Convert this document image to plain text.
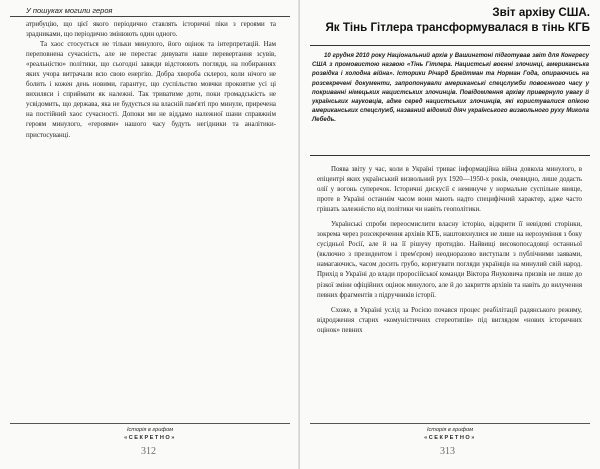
У пошуках могили героя

атрибуцію, що цієї якого періодично ставлять історичні піки з героями та зрадниками, що періодично змінюють один одного.

Та хаос стосується не тільки минулого, його оцінок та інтерпретацій. Нам переповнена сучасність, але не перестає дивувати наше перевертання зсувів, «реальністю» політики, що сьогодні завжди відстоюють погляди, на побираннях яких учора витрачали всю свою енергію. Добра хвороба склероз, коли нічого не болить і кожен день новими, гарантує, що суспільство мовчки проковтне усі ці вихиляси і сприймати як належні. Так триватиме доти, поки громадськість не усвідомить, що держава, яка не будується на власній пам'яті про минуле, приречена на постійний хаос сучасності. Допоки ми не віддамо належної шани справжнім героям минулого, «героями» нашого часу будуть негідники та аналітики-пристосуванці.

Історія в грифом
«СЕКРЕТНО»
312
Звіт архіву США.
Як Тінь Гітлера трансформувалася в тінь КГБ

10 грудня 2010 року Національний архів у Вашингтоні підготував звіт для Конгресу США з промовистою назвою «Тінь Гітлера. Нацистські воєнні злочинці, американська розвідка і холодна війна». Історики Річард Брейтман та Норман Года, опираючись на розсекречені документи, запропонували американські спецслужби повоєнного часу у покриванні німецьких нацистських злочинців. Повідомлення архіву привернуло увагу й українських науковців, адже серед нацистських злочинців, які користувалися опікою американських спецслужб, названий відомий діяч українського визвольного руху Микола Лебедь.

Поява звіту у час, коли в Україні триває інформаційна війна довкола минулого, в епіцентрі яких український визвольний рух 1920—1950-х років, очевидно, лише додасть олії у вогонь суперечок. Історичні дискусії є неминуче у нормальне суспільне явище, проте в Україні останнім часом вони мають надто специфічний характер, адже часто грішать залежністю від політики чи навіть геополітики.

Українські спроби переосмислити власну історію, відкрити її невідомі сторінки, зокрема через розсекречення архівів КГБ, наштовхнулися не лише на нерозуміння з боку сусідньої Росії, але й на її рішучу протидію. Найвищі високопосадовці останньої (включно з президентом і прем'єром) неодноразово виступали з публічними заявами, намагаючись, часом досить грубо, коригувати погляди українців на минулий свій народ. Прихід в Україні до влади проросійської команди Віктора Януковича призвів не лише до різкої зміни офіційних оцінок минулого, але й до закриття архівів та навіть до вилучення певних фрагментів з підручників історії.

Схоже, в Україні услід за Росією почався процес реабілітації радянського режиму, відродження старих «комуністичних стереотипів» під виглядом «нових історичних оцінок» певних

Історія в грифом
«СЕКРЕТНО»
313
